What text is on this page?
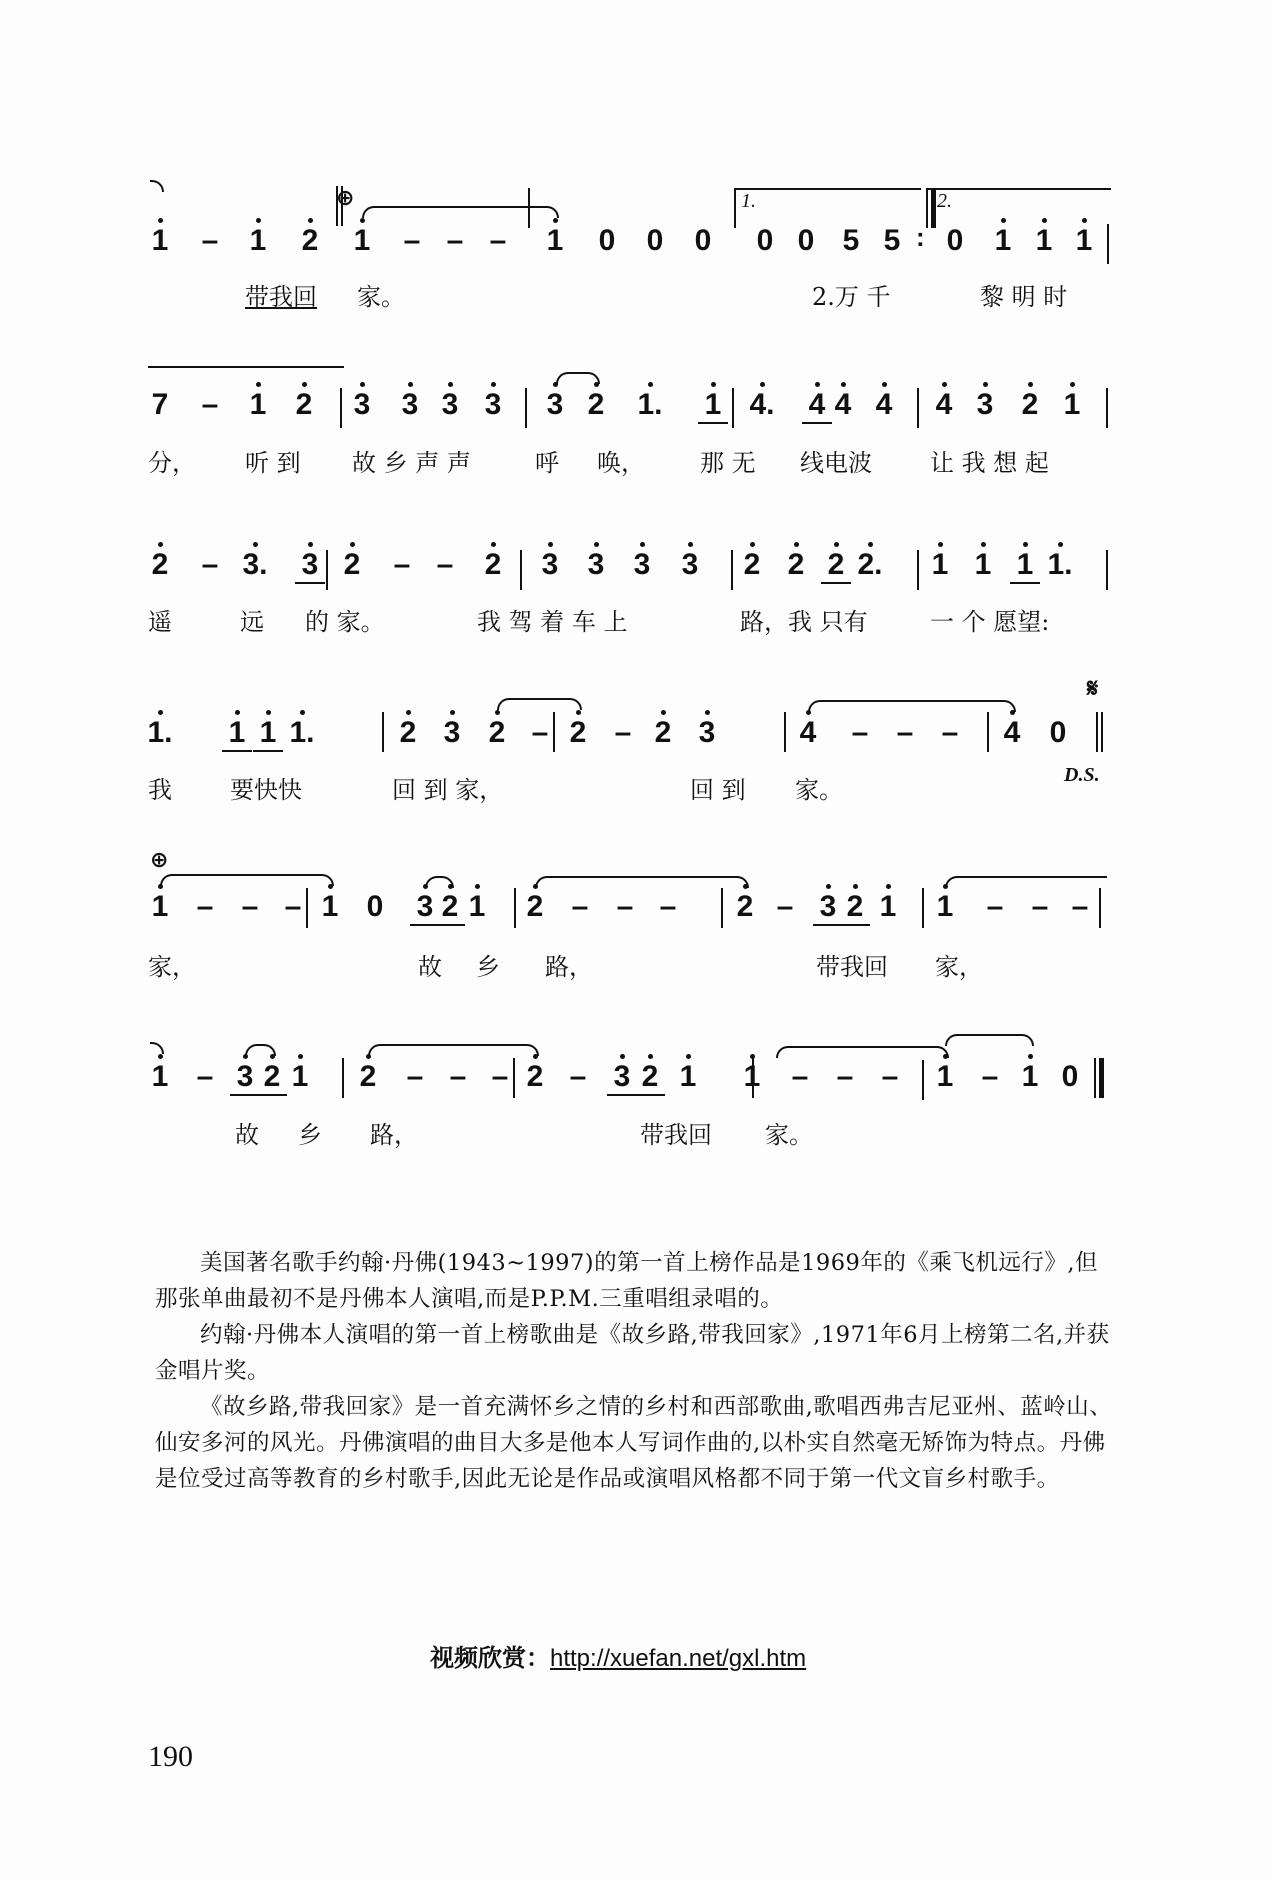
⊕	1.
:
2.
1 – 1 2 1 – – – 1 0 0 0 0 0 5 5 0 1 1 1
带我回 家。	2.万 千	黎 明 时
7 – 1 2 3 3 3 3 3 2 1. 1 4. 4 4 4 4 3 2 1
分， 听 到 故 乡 声 声	呼 唤， 那 无 线电波 让 我 想 起
2 – 3. 3 2 – – 2 3 3 3 3 2 2 2 2. 1 1 1 1.
遥	远 的 家。	我 驾 着 车 上	路，我 只有	一 个 愿望:
𝄋
D.S.
1. 1 1 1.	2 3 2 – 2 – 2 3	4 – – – 4 0
我 要快快	回 到 家，	回 到 家。
⊕
1 – – – 1 0 3 2 1 2 – – – 2 – 3 2 1 1 – – –
家，	故 乡 路，	带我回 家，
1 – 3 2 1 2 – – – 2 – 3 2 1 1 – – – 1 – 1 0
故 乡 路，	带我回 家。

美国著名歌手约翰·丹佛(1943~1997)的第一首上榜作品是1969年的《乘飞机远行》,但那张单曲最初不是丹佛本人演唱,而是P.P.M.三重唱组录唱的。

约翰·丹佛本人演唱的第一首上榜歌曲是《故乡路,带我回家》,1971年6月上榜第二名,并获金唱片奖。

《故乡路,带我回家》是一首充满怀乡之情的乡村和西部歌曲,歌唱西弗吉尼亚州、蓝岭山、仙安多河的风光。丹佛演唱的曲目大多是他本人写词作曲的,以朴实自然毫无矫饰为特点。丹佛是位受过高等教育的乡村歌手,因此无论是作品或演唱风格都不同于第一代文盲乡村歌手。

视频欣赏：http://xuefan.net/gxl.htm
190
